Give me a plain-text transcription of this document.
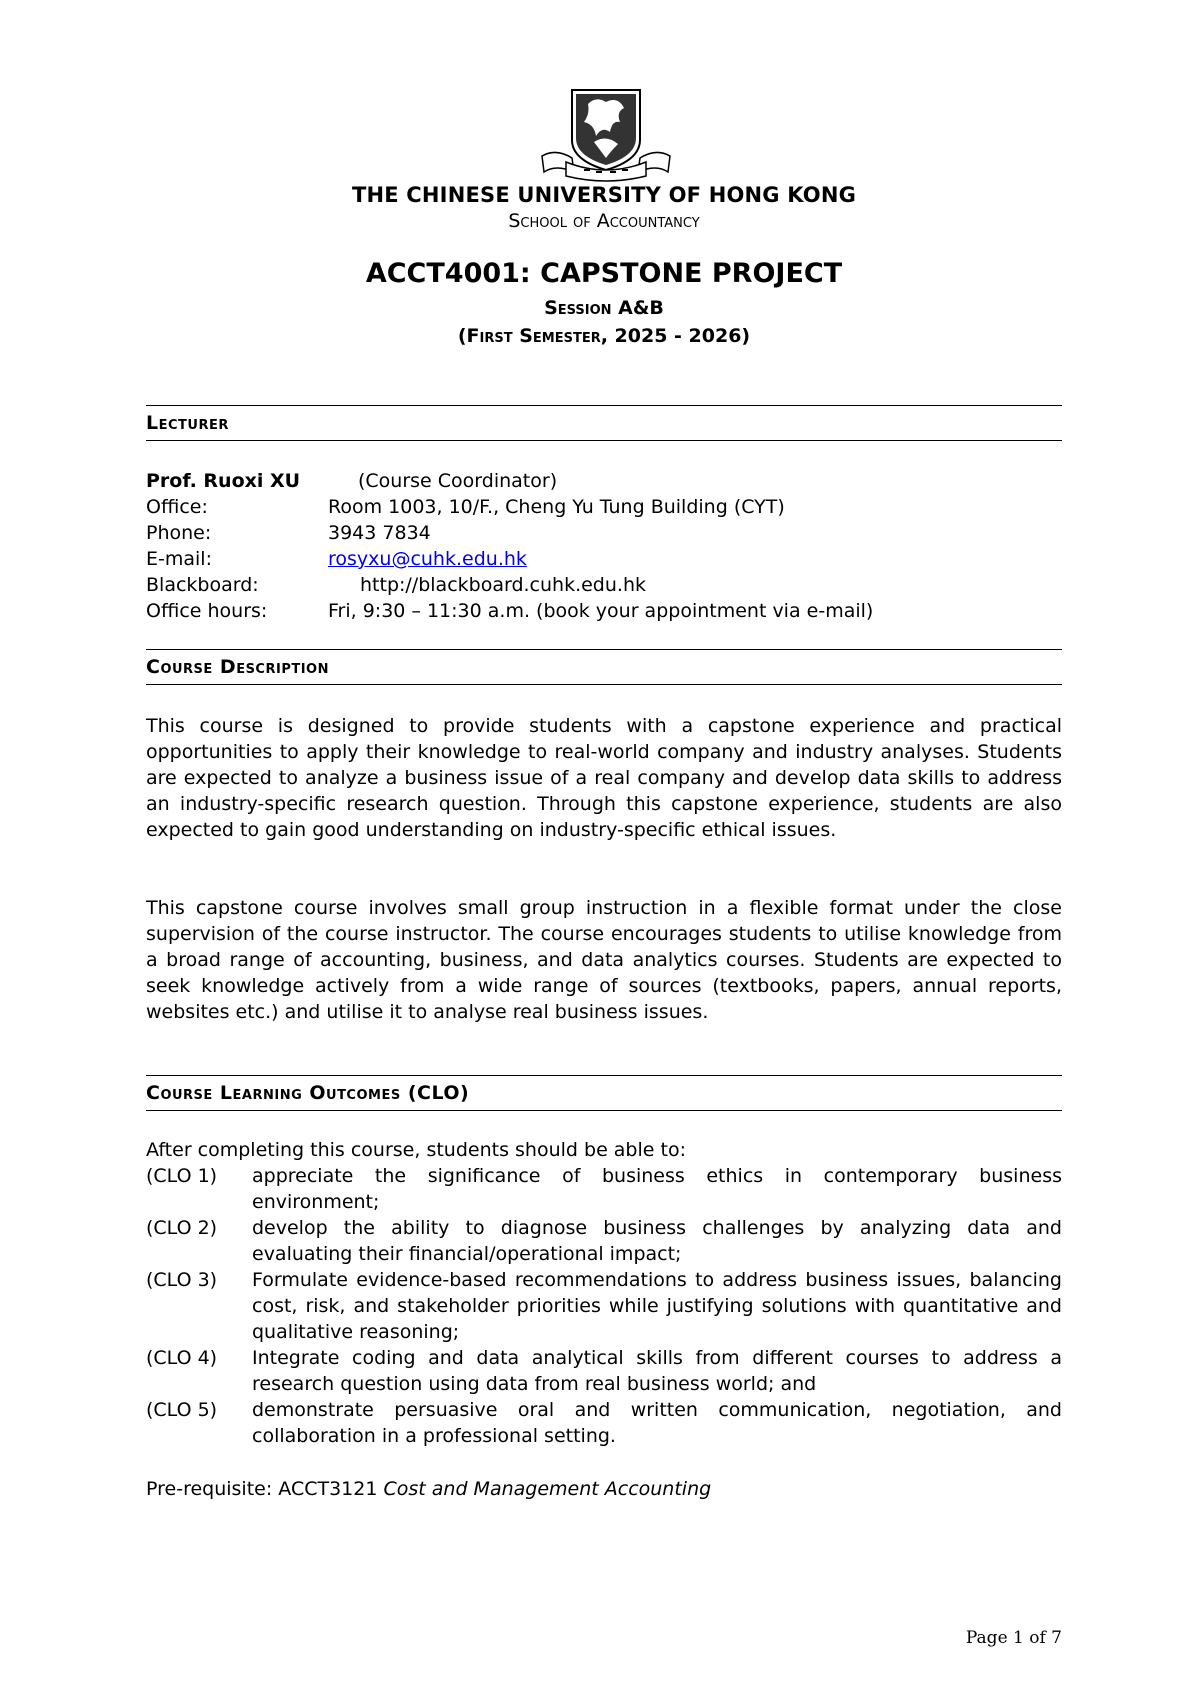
THE CHINESE UNIVERSITY OF HONG KONG
School of Accountancy
ACCT4001: CAPSTONE PROJECT
Session A&B
(First Semester, 2025 - 2026)
Lecturer
Prof. Ruoxi XU	(Course Coordinator)
Office:	Room 1003, 10/F., Cheng Yu Tung Building (CYT)
Phone:	3943 7834
E-mail:	rosyxu@cuhk.edu.hk
Blackboard:	http://blackboard.cuhk.edu.hk
Office hours:	Fri, 9:30 – 11:30 a.m. (book your appointment via e-mail)
Course Description

This course is designed to provide students with a capstone experience and practical opportunities to apply their knowledge to real-world company and industry analyses. Students are expected to analyze a business issue of a real company and develop data skills to address an industry-specific research question. Through this capstone experience, students are also expected to gain good understanding on industry-specific ethical issues.

This capstone course involves small group instruction in a flexible format under the close supervision of the course instructor. The course encourages students to utilise knowledge from a broad range of accounting, business, and data analytics courses. Students are expected to seek knowledge actively from a wide range of sources (textbooks, papers, annual reports, websites etc.) and utilise it to analyse real business issues.

Course Learning Outcomes (CLO)
After completing this course, students should be able to:
(CLO 1)	appreciate the significance of business ethics in contemporary business environment;
(CLO 2)	develop the ability to diagnose business challenges by analyzing data and evaluating their financial/operational impact;
(CLO 3)	Formulate evidence-based recommendations to address business issues, balancing cost, risk, and stakeholder priorities while justifying solutions with quantitative and qualitative reasoning;
(CLO 4)	Integrate coding and data analytical skills from different courses to address a research question using data from real business world; and
(CLO 5)	demonstrate persuasive oral and written communication, negotiation, and collaboration in a professional setting.
Pre-requisite: ACCT3121 Cost and Management Accounting
Page 1 of 7
